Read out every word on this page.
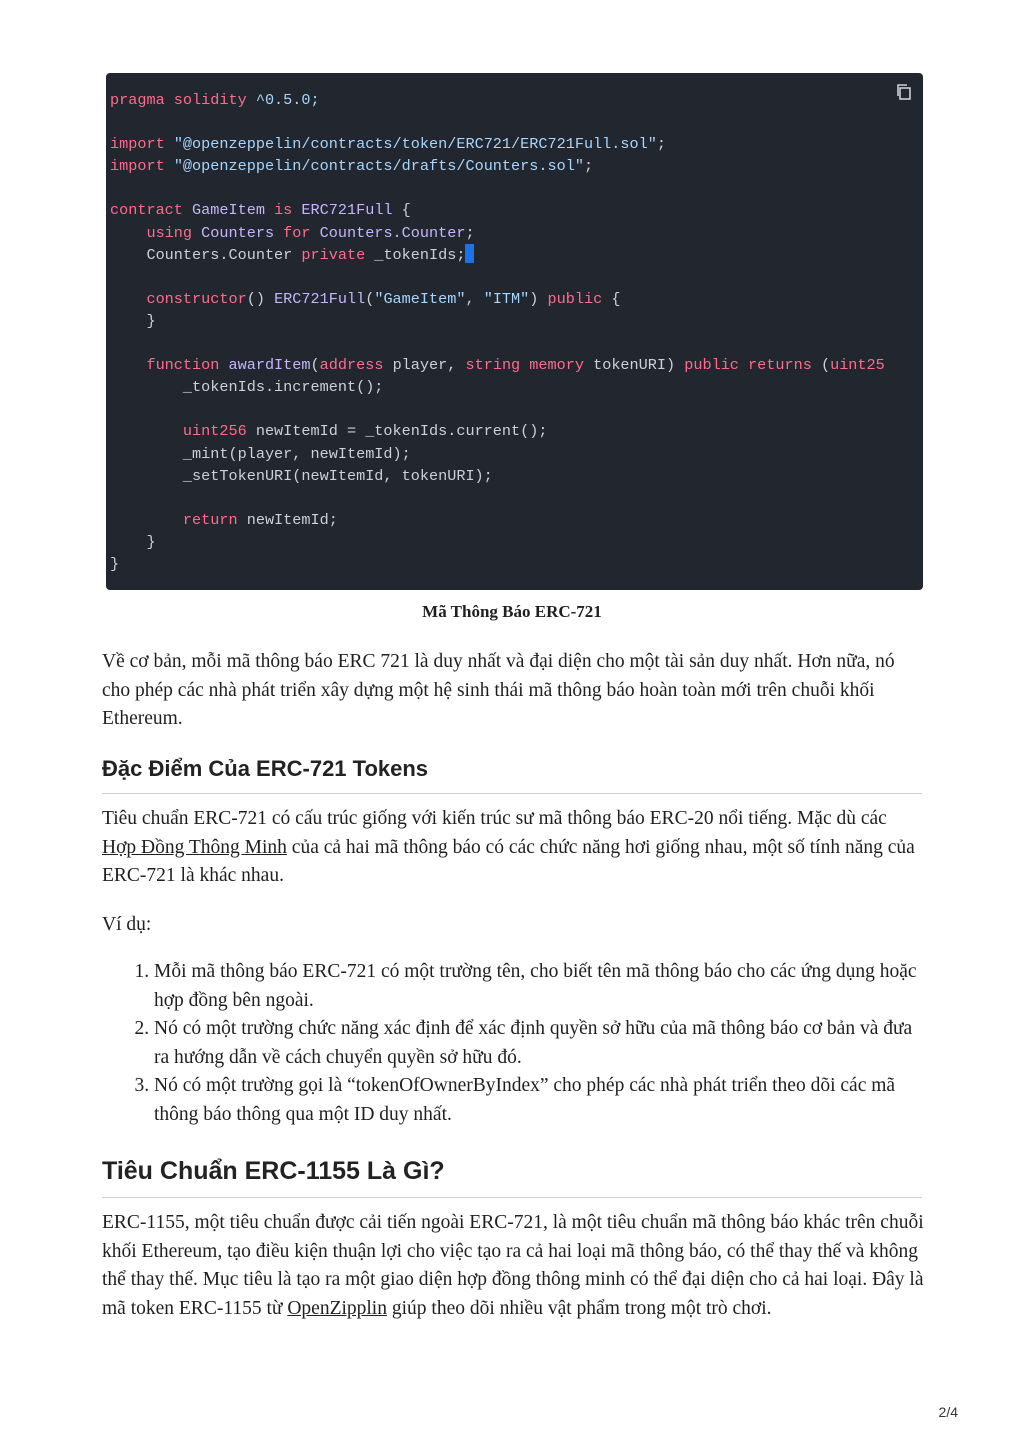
pragma solidity ^0.5.0;

import "@openzeppelin/contracts/token/ERC721/ERC721Full.sol";
import "@openzeppelin/contracts/drafts/Counters.sol";

contract GameItem is ERC721Full {
using Counters for Counters.Counter;
Counters.Counter private _tokenIds;

constructor() ERC721Full("GameItem", "ITM") public {
}

function awardItem(address player, string memory tokenURI) public returns (uint25
_tokenIds.increment();

uint256 newItemId = _tokenIds.current();
_mint(player, newItemId);
_setTokenURI(newItemId, tokenURI);

return newItemId;
}
}
Mã Thông Báo ERC-721

Về cơ bản, mỗi mã thông báo ERC 721 là duy nhất và đại diện cho một tài sản duy nhất. Hơn nữa, nó cho phép các nhà phát triển xây dựng một hệ sinh thái mã thông báo hoàn toàn mới trên chuỗi khối Ethereum.

Đặc Điểm Của ERC-721 Tokens

Tiêu chuẩn ERC-721 có cấu trúc giống với kiến trúc sư mã thông báo ERC-20 nổi tiếng. Mặc dù các Hợp Đồng Thông Minh của cả hai mã thông báo có các chức năng hơi giống nhau, một số tính năng của ERC-721 là khác nhau.

Ví dụ:

1. Mỗi mã thông báo ERC-721 có một trường tên, cho biết tên mã thông báo cho các ứng dụng hoặc hợp đồng bên ngoài.
2. Nó có một trường chức năng xác định để xác định quyền sở hữu của mã thông báo cơ bản và đưa ra hướng dẫn về cách chuyển quyền sở hữu đó.
3. Nó có một trường gọi là “tokenOfOwnerByIndex” cho phép các nhà phát triển theo dõi các mã thông báo thông qua một ID duy nhất.
Tiêu Chuẩn ERC-1155 Là Gì?

ERC-1155, một tiêu chuẩn được cải tiến ngoài ERC-721, là một tiêu chuẩn mã thông báo khác trên chuỗi khối Ethereum, tạo điều kiện thuận lợi cho việc tạo ra cả hai loại mã thông báo, có thể thay thế và không thể thay thế. Mục tiêu là tạo ra một giao diện hợp đồng thông minh có thể đại diện cho cả hai loại. Đây là mã token ERC-1155 từ OpenZipplin giúp theo dõi nhiều vật phẩm trong một trò chơi.

2/4
